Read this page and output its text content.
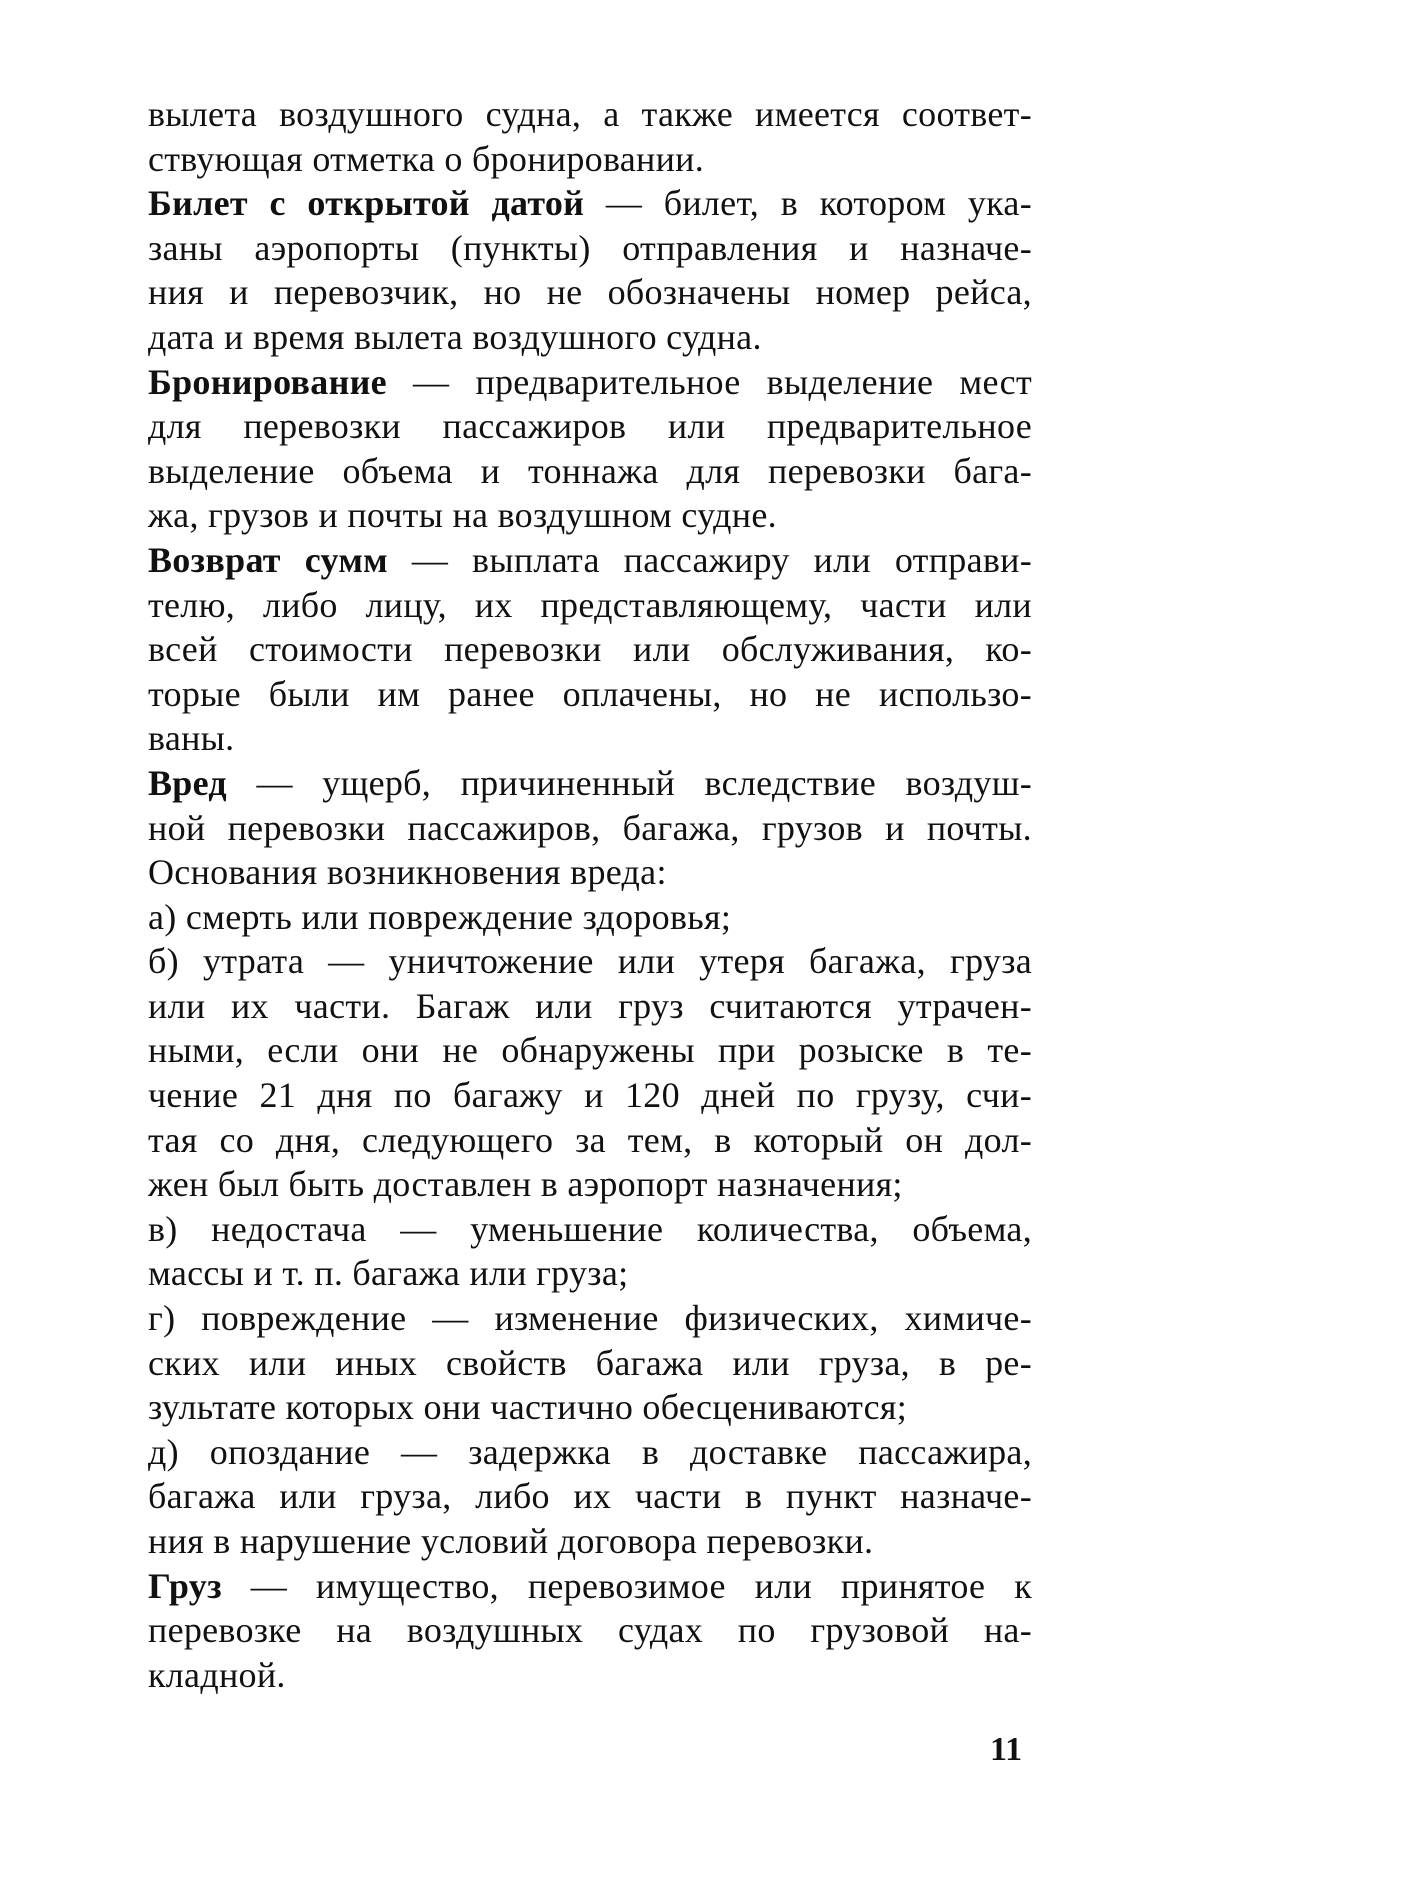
вылета воздушного судна, а также имеется соответ-
ствующая отметка о бронировании.

Билет с открытой датой — билет, в котором ука-
заны аэропорты (пункты) отправления и назначе-
ния и перевозчик, но не обозначены номер рейса,
дата и время вылета воздушного судна.

Бронирование — предварительное выделение мест
для перевозки пассажиров или предварительное
выделение объема и тоннажа для перевозки бага-
жа, грузов и почты на воздушном судне.

Возврат сумм — выплата пассажиру или отправи-
телю, либо лицу, их представляющему, части или
всей стоимости перевозки или обслуживания, ко-
торые были им ранее оплачены, но не использо-
ваны.

Вред — ущерб, причиненный вследствие воздуш-
ной перевозки пассажиров, багажа, грузов и почты.
Основания возникновения вреда:

а) смерть или повреждение здоровья;

б) утрата — уничтожение или утеря багажа, груза
или их части. Багаж или груз считаются утрачен-
ными, если они не обнаружены при розыске в те-
чение 21 дня по багажу и 120 дней по грузу, счи-
тая со дня, следующего за тем, в который он дол-
жен был быть доставлен в аэропорт назначения;

в) недостача — уменьшение количества, объема,
массы и т. п. багажа или груза;

г) повреждение — изменение физических, химиче-
ских или иных свойств багажа или груза, в ре-
зультате которых они частично обесцениваются;

д) опоздание — задержка в доставке пассажира,
багажа или груза, либо их части в пункт назначе-
ния в нарушение условий договора перевозки.

Груз — имущество, перевозимое или принятое к
перевозке на воздушных судах по грузовой на-
кладной.

11
